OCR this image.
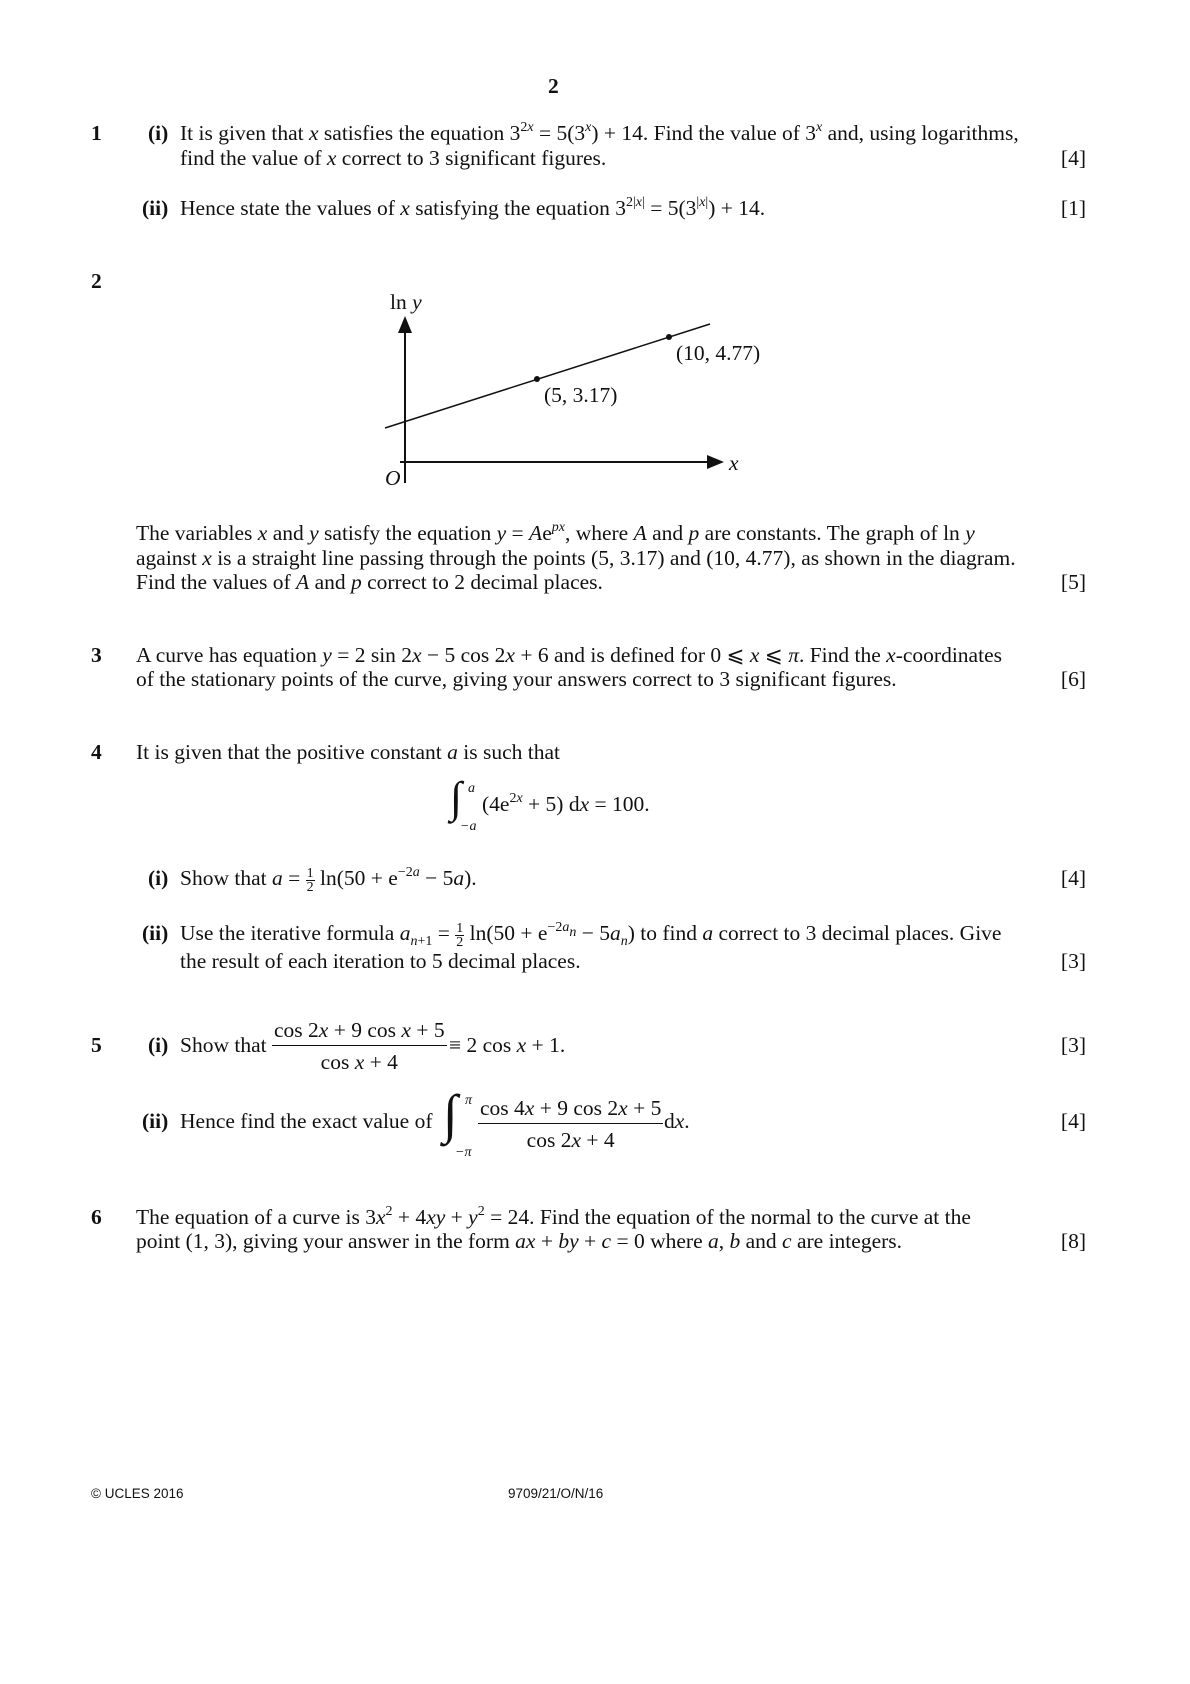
2
1 (i) It is given that x satisfies the equation $3^{2x} = 5(3^x) + 14$. Find the value of 3$^x$ and, using logarithms,
find the value of x correct to 3 significant figures.	[4]
(ii) Hence state the values of x satisfying the equation $3^{2|x|} = 5(3^{|x|}) + 14$.	[1]
2
ln y
x
O
(5, 3.17)
(10, 4.77)
The variables x and y satisfy the equation $y = Ae^{px}$, where A and p are constants. The graph of ln y
against x is a straight line passing through the points (5, 3.17) and (10, 4.77), as shown in the diagram.
Find the values of A and p correct to 2 decimal places.	[5]
3 A curve has equation y = 2 sin 2x − 5 cos 2x + 6 and is defined for 0 ⩽ x ⩽ π. Find the x-coordinates
of the stationary points of the curve, giving your answers correct to 3 significant figures.	[6]
4 It is given that the positive constant a is such that
∫ a
−a
$(4e^{2x} + 5)$ dx = 100.
(i) Show that $a = \frac{1}{2} \ln(50 + e^{-2a} - 5a)$.	[4]
(ii) Use the iterative formula $a_{n+1} = \frac{1}{2} \ln(50 + e^{-2a_n} - 5a_n)$ to find a correct to 3 decimal places. Give
the result of each iteration to 5 decimal places.	[3]
5 (i) Show that $\frac{\text{cos 2x + 9 cos x + 5}}{\text{cos x + 4}} \equiv 2$ cos x + 1.	[3]
(ii) Hence find the exact value of ∫ π
$-\pi \frac{\cos 4x + 9 \cos 2x + 5}{\cos 2x + 4}$ dx.	[4]
6 The equation of a curve is $3x^2 + 4xy + y^2 = 24$. Find the equation of the normal to the curve at the
point (1, 3), giving your answer in the form ax + by + c = 0 where a, b and c are integers.	[8]
© UCLES 2016	9709/21/O/N/16
